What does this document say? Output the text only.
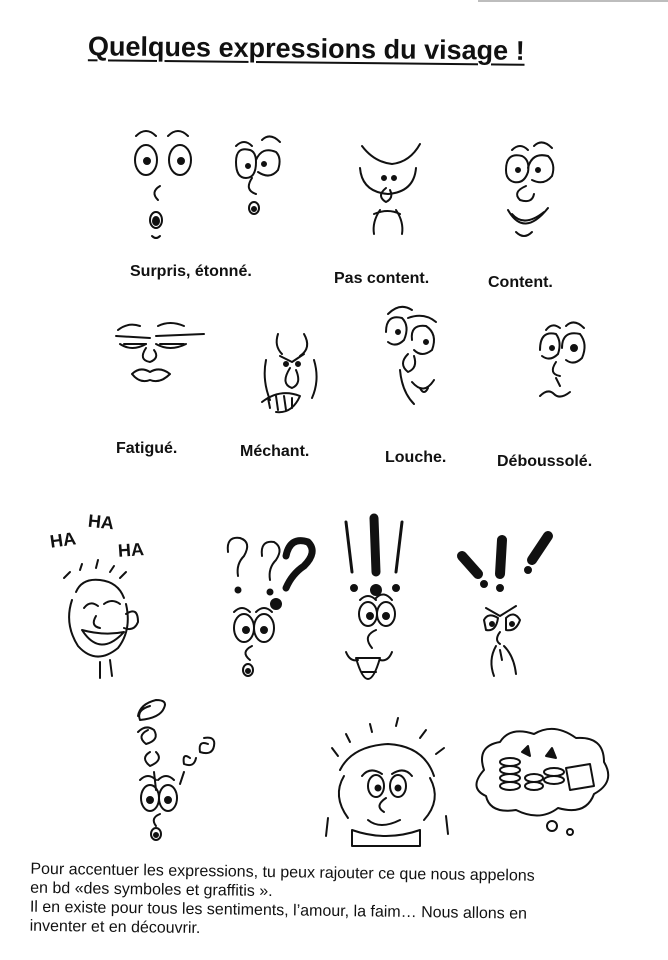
Quelques expressions du visage !
HA
HA
HA
Surpris, étonné.	Pas content.	Content.
Fatigué.	Méchant.	Louche.	Déboussolé.
Pour accentuer les expressions, tu peux rajouter ce que nous appelons
en bd «des symboles et graffitis ».
Il en existe pour tous les sentiments, l’amour, la faim… Nous allons en
inventer et en découvrir.
